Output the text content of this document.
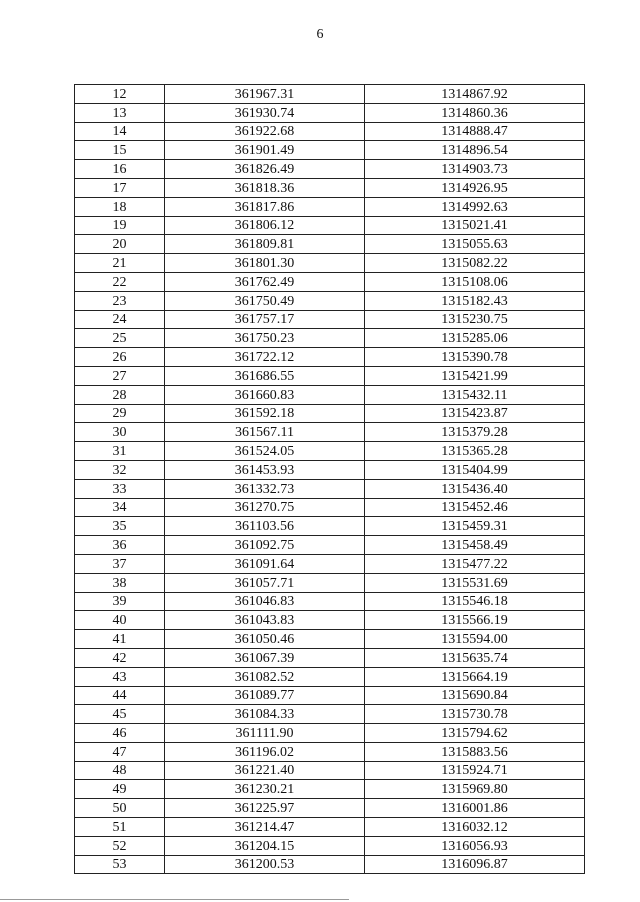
6
12	361967.31	1314867.92
13	361930.74	1314860.36
14	361922.68	1314888.47
15	361901.49	1314896.54
16	361826.49	1314903.73
17	361818.36	1314926.95
18	361817.86	1314992.63
19	361806.12	1315021.41
20	361809.81	1315055.63
21	361801.30	1315082.22
22	361762.49	1315108.06
23	361750.49	1315182.43
24	361757.17	1315230.75
25	361750.23	1315285.06
26	361722.12	1315390.78
27	361686.55	1315421.99
28	361660.83	1315432.11
29	361592.18	1315423.87
30	361567.11	1315379.28
31	361524.05	1315365.28
32	361453.93	1315404.99
33	361332.73	1315436.40
34	361270.75	1315452.46
35	361103.56	1315459.31
36	361092.75	1315458.49
37	361091.64	1315477.22
38	361057.71	1315531.69
39	361046.83	1315546.18
40	361043.83	1315566.19
41	361050.46	1315594.00
42	361067.39	1315635.74
43	361082.52	1315664.19
44	361089.77	1315690.84
45	361084.33	1315730.78
46	361111.90	1315794.62
47	361196.02	1315883.56
48	361221.40	1315924.71
49	361230.21	1315969.80
50	361225.97	1316001.86
51	361214.47	1316032.12
52	361204.15	1316056.93
53	361200.53	1316096.87
